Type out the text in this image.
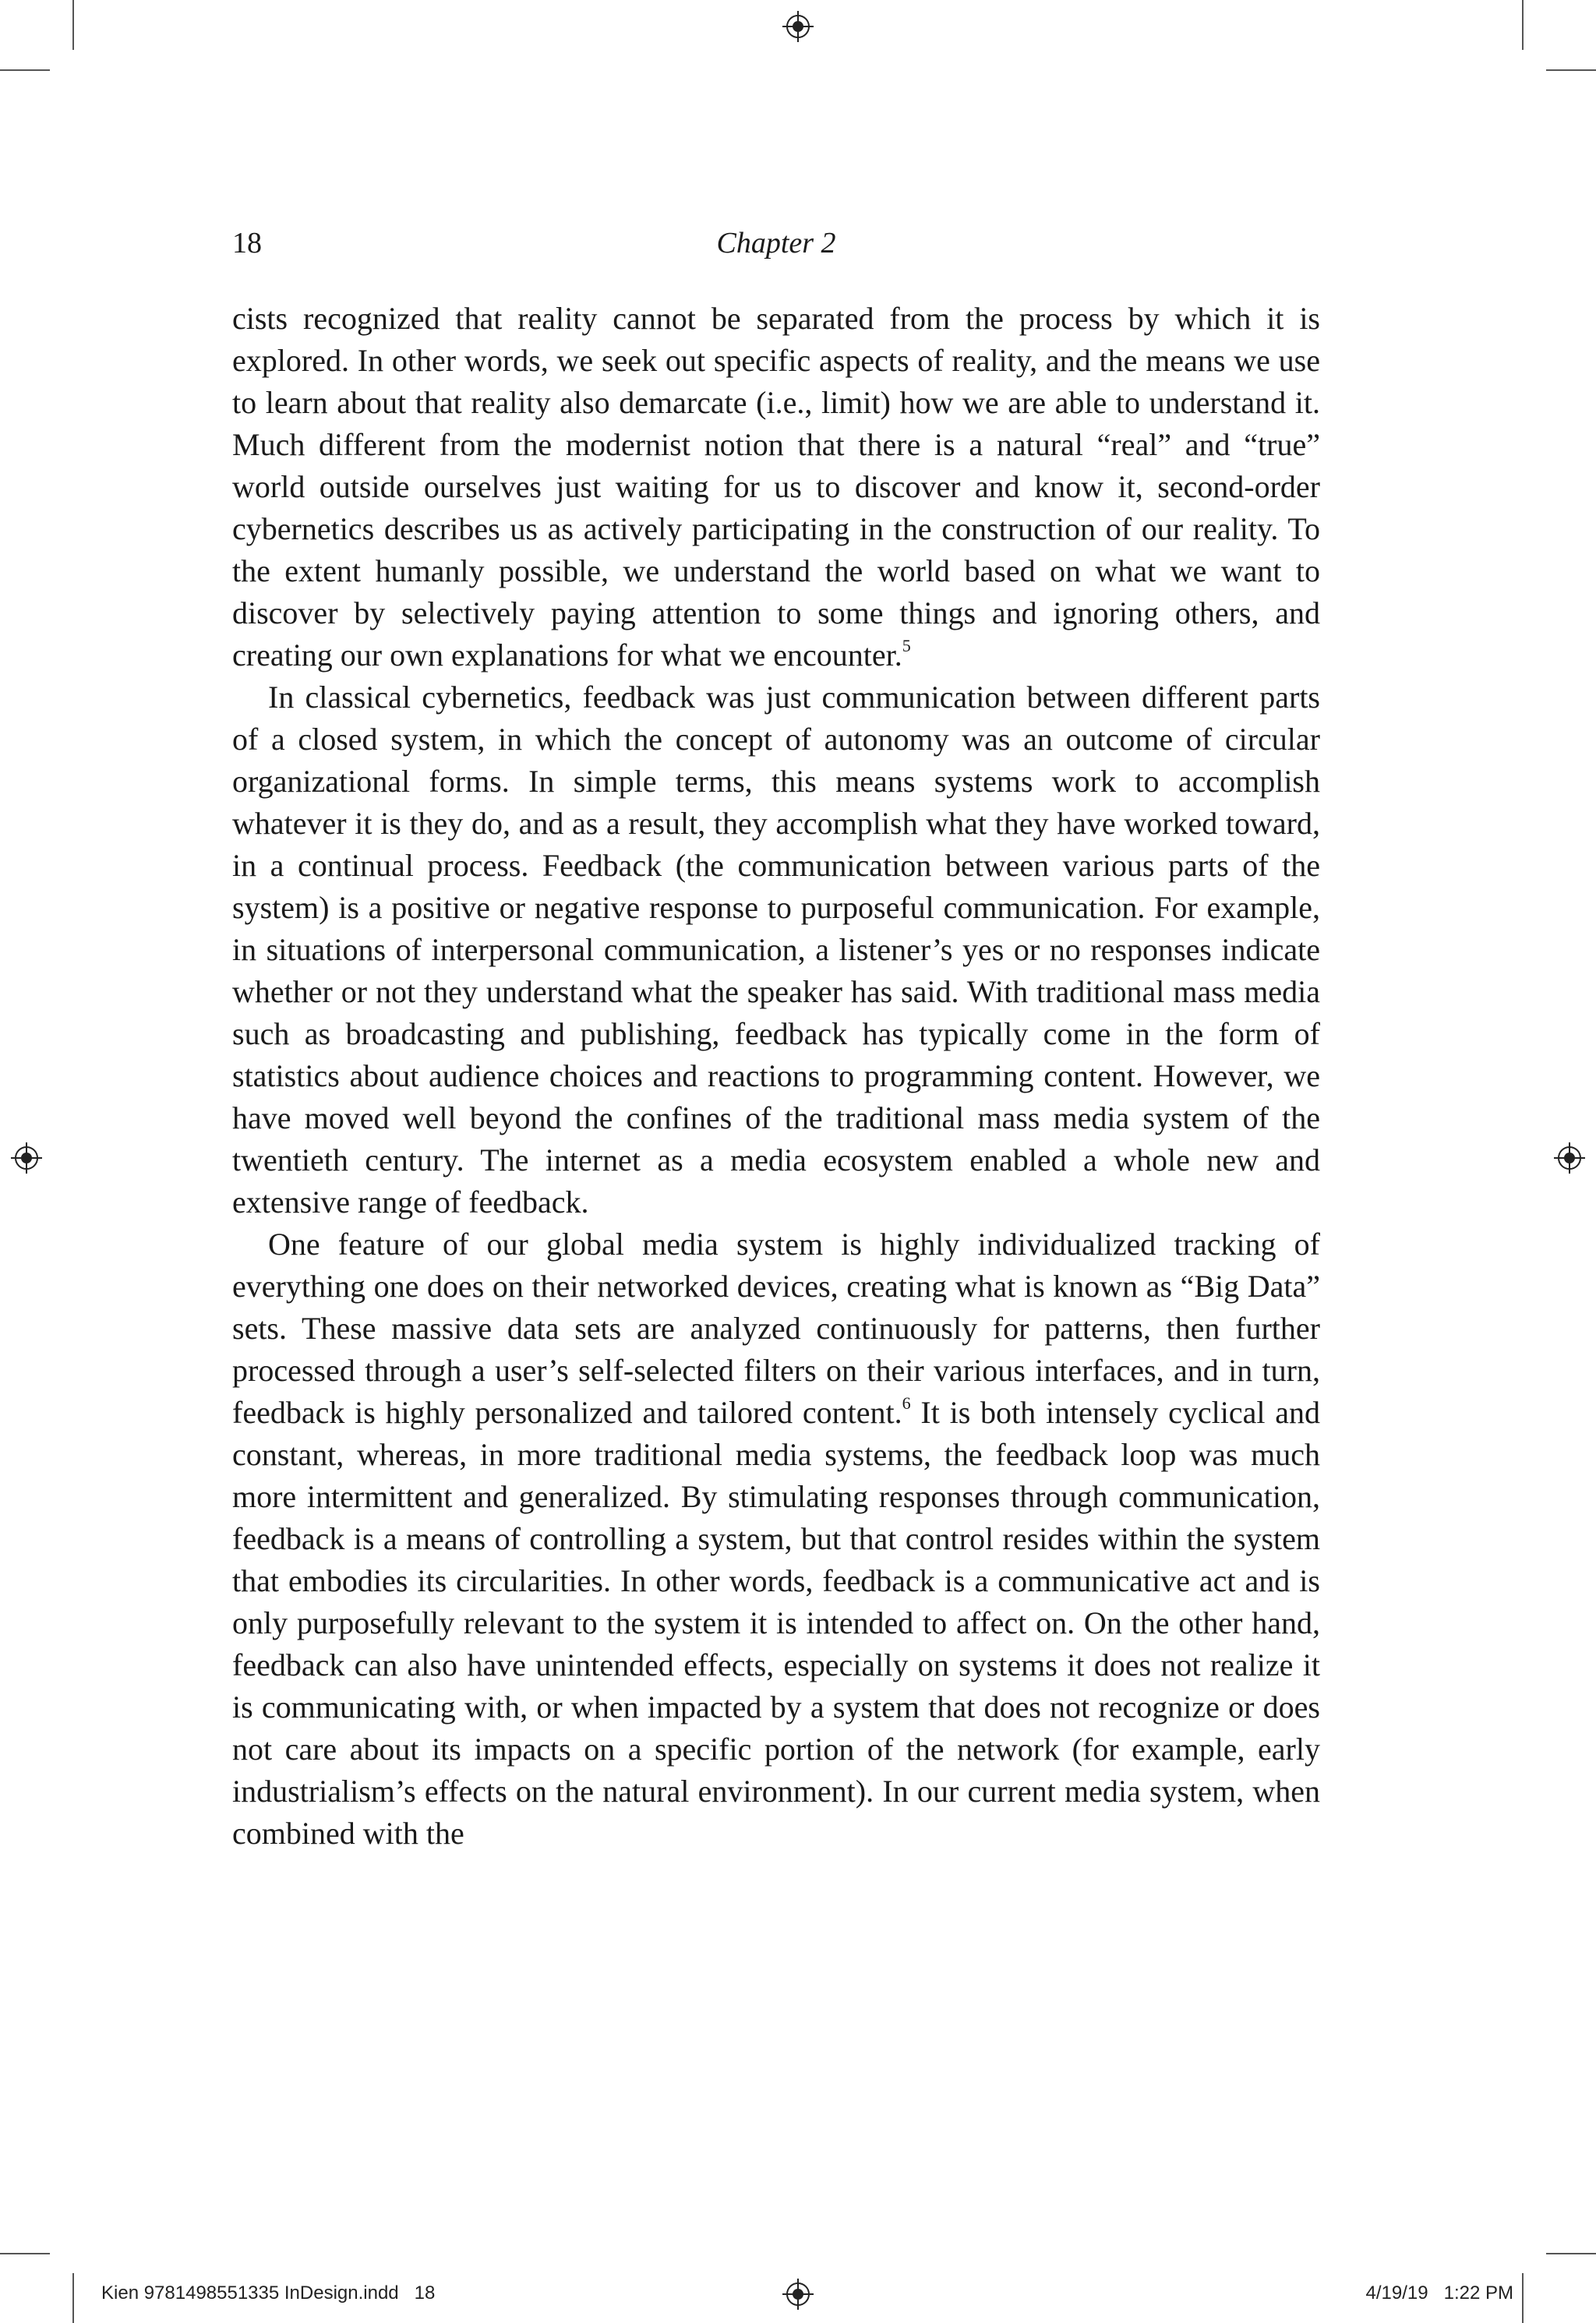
18	Chapter 2

cists recognized that reality cannot be separated from the process by which it is explored. In other words, we seek out specific aspects of reality, and the means we use to learn about that reality also demarcate (i.e., limit) how we are able to understand it. Much different from the modernist notion that there is a natural “real” and “true” world outside ourselves just waiting for us to discover and know it, second-order cybernetics describes us as actively participating in the construction of our reality. To the extent humanly possible, we understand the world based on what we want to discover by selectively paying attention to some things and ignoring others, and creating our own explanations for what we encounter.$^5$

In classical cybernetics, feedback was just communication between different parts of a closed system, in which the concept of autonomy was an outcome of circular organizational forms. In simple terms, this means systems work to accomplish whatever it is they do, and as a result, they accomplish what they have worked toward, in a continual process. Feedback (the communication between various parts of the system) is a positive or negative response to purposeful communication. For example, in situations of interpersonal communication, a listener’s yes or no responses indicate whether or not they understand what the speaker has said. With traditional mass media such as broadcasting and publishing, feedback has typically come in the form of statistics about audience choices and reactions to programming content. However, we have moved well beyond the confines of the traditional mass media system of the twentieth century. The internet as a media ecosystem enabled a whole new and extensive range of feedback.

One feature of our global media system is highly individualized tracking of everything one does on their networked devices, creating what is known as “Big Data” sets. These massive data sets are analyzed continuously for patterns, then further processed through a user’s self-selected filters on their various interfaces, and in turn, feedback is highly personalized and tailored content.$^6$ It is both intensely cyclical and constant, whereas, in more traditional media systems, the feedback loop was much more intermittent and generalized. By stimulating responses through communication, feedback is a means of controlling a system, but that control resides within the system that embodies its circularities. In other words, feedback is a communicative act and is only purposefully relevant to the system it is intended to affect on. On the other hand, feedback can also have unintended effects, especially on systems it does not realize it is communicating with, or when impacted by a system that does not recognize or does not care about its impacts on a specific portion of the network (for example, early industrialism’s effects on the natural environment). In our current media system, when combined with the

Kien 9781498551335 InDesign.indd   18	4/19/19   1:22 PM
